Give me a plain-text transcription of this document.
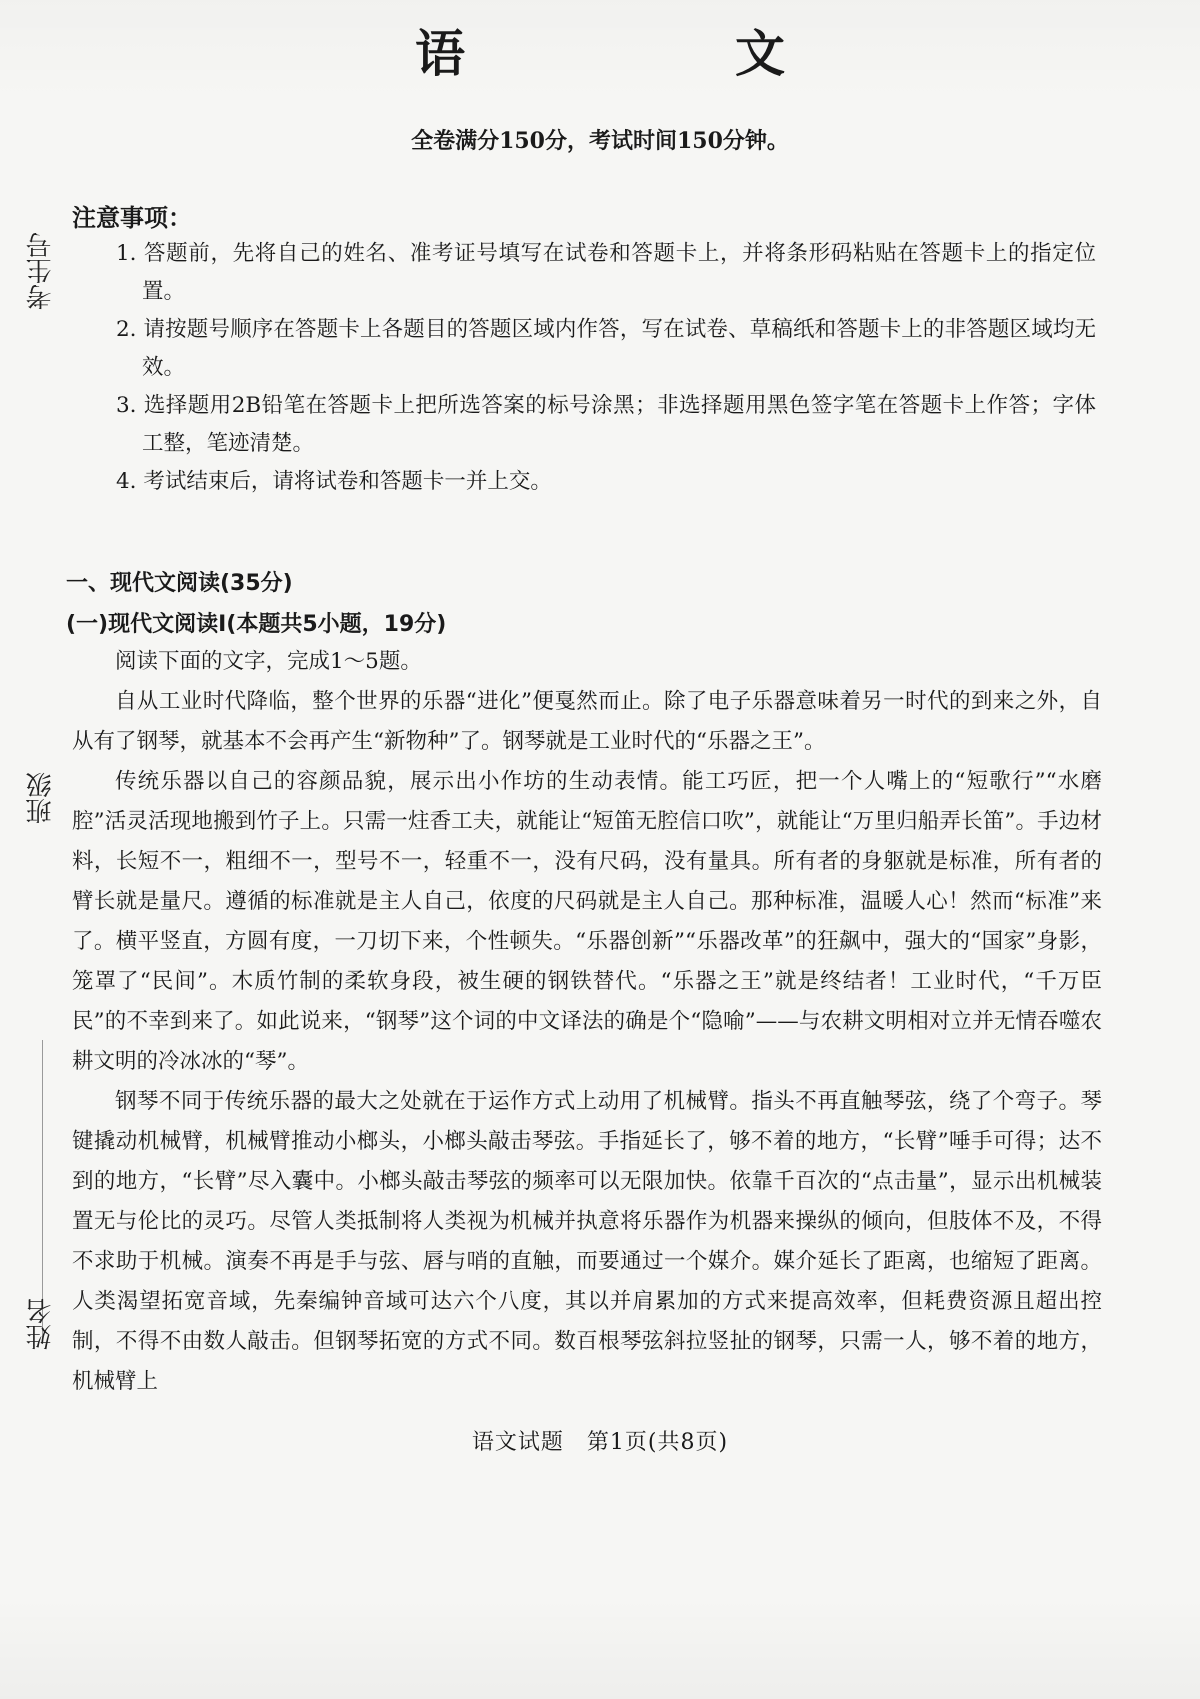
考生号
班级
姓名
语　文
全卷满分150分，考试时间150分钟。
注意事项：

1. 答题前，先将自己的姓名、准考证号填写在试卷和答题卡上，并将条形码粘贴在答题卡上的指定位置。

2. 请按题号顺序在答题卡上各题目的答题区域内作答，写在试卷、草稿纸和答题卡上的非答题区域均无效。

3. 选择题用2B铅笔在答题卡上把所选答案的标号涂黑；非选择题用黑色签字笔在答题卡上作答；字体工整，笔迹清楚。

4. 考试结束后，请将试卷和答题卡一并上交。

一、现代文阅读(35分)
(一)现代文阅读Ⅰ(本题共5小题，19分)

阅读下面的文字，完成1～5题。

自从工业时代降临，整个世界的乐器“进化”便戛然而止。除了电子乐器意味着另一时代的到来之外，自从有了钢琴，就基本不会再产生“新物种”了。钢琴就是工业时代的“乐器之王”。

传统乐器以自己的容颜品貌，展示出小作坊的生动表情。能工巧匠，把一个人嘴上的“短歌行”“水磨腔”活灵活现地搬到竹子上。只需一炷香工夫，就能让“短笛无腔信口吹”，就能让“万里归船弄长笛”。手边材料，长短不一，粗细不一，型号不一，轻重不一，没有尺码，没有量具。所有者的身躯就是标准，所有者的臂长就是量尺。遵循的标准就是主人自己，依度的尺码就是主人自己。那种标准，温暖人心！然而“标准”来了。横平竖直，方圆有度，一刀切下来，个性顿失。“乐器创新”“乐器改革”的狂飙中，强大的“国家”身影，笼罩了“民间”。木质竹制的柔软身段，被生硬的钢铁替代。“乐器之王”就是终结者！工业时代，“千万臣民”的不幸到来了。如此说来，“钢琴”这个词的中文译法的确是个“隐喻”——与农耕文明相对立并无情吞噬农耕文明的冷冰冰的“琴”。

钢琴不同于传统乐器的最大之处就在于运作方式上动用了机械臂。指头不再直触琴弦，绕了个弯子。琴键撬动机械臂，机械臂推动小榔头，小榔头敲击琴弦。手指延长了，够不着的地方，“长臂”唾手可得；达不到的地方，“长臂”尽入囊中。小榔头敲击琴弦的频率可以无限加快。依靠千百次的“点击量”，显示出机械装置无与伦比的灵巧。尽管人类抵制将人类视为机械并执意将乐器作为机器来操纵的倾向，但肢体不及，不得不求助于机械。演奏不再是手与弦、唇与哨的直触，而要通过一个媒介。媒介延长了距离，也缩短了距离。人类渴望拓宽音域，先秦编钟音域可达六个八度，其以并肩累加的方式来提高效率，但耗费资源且超出控制，不得不由数人敲击。但钢琴拓宽的方式不同。数百根琴弦斜拉竖扯的钢琴，只需一人，够不着的地方，机械臂上

语文试题　第1页(共8页)
